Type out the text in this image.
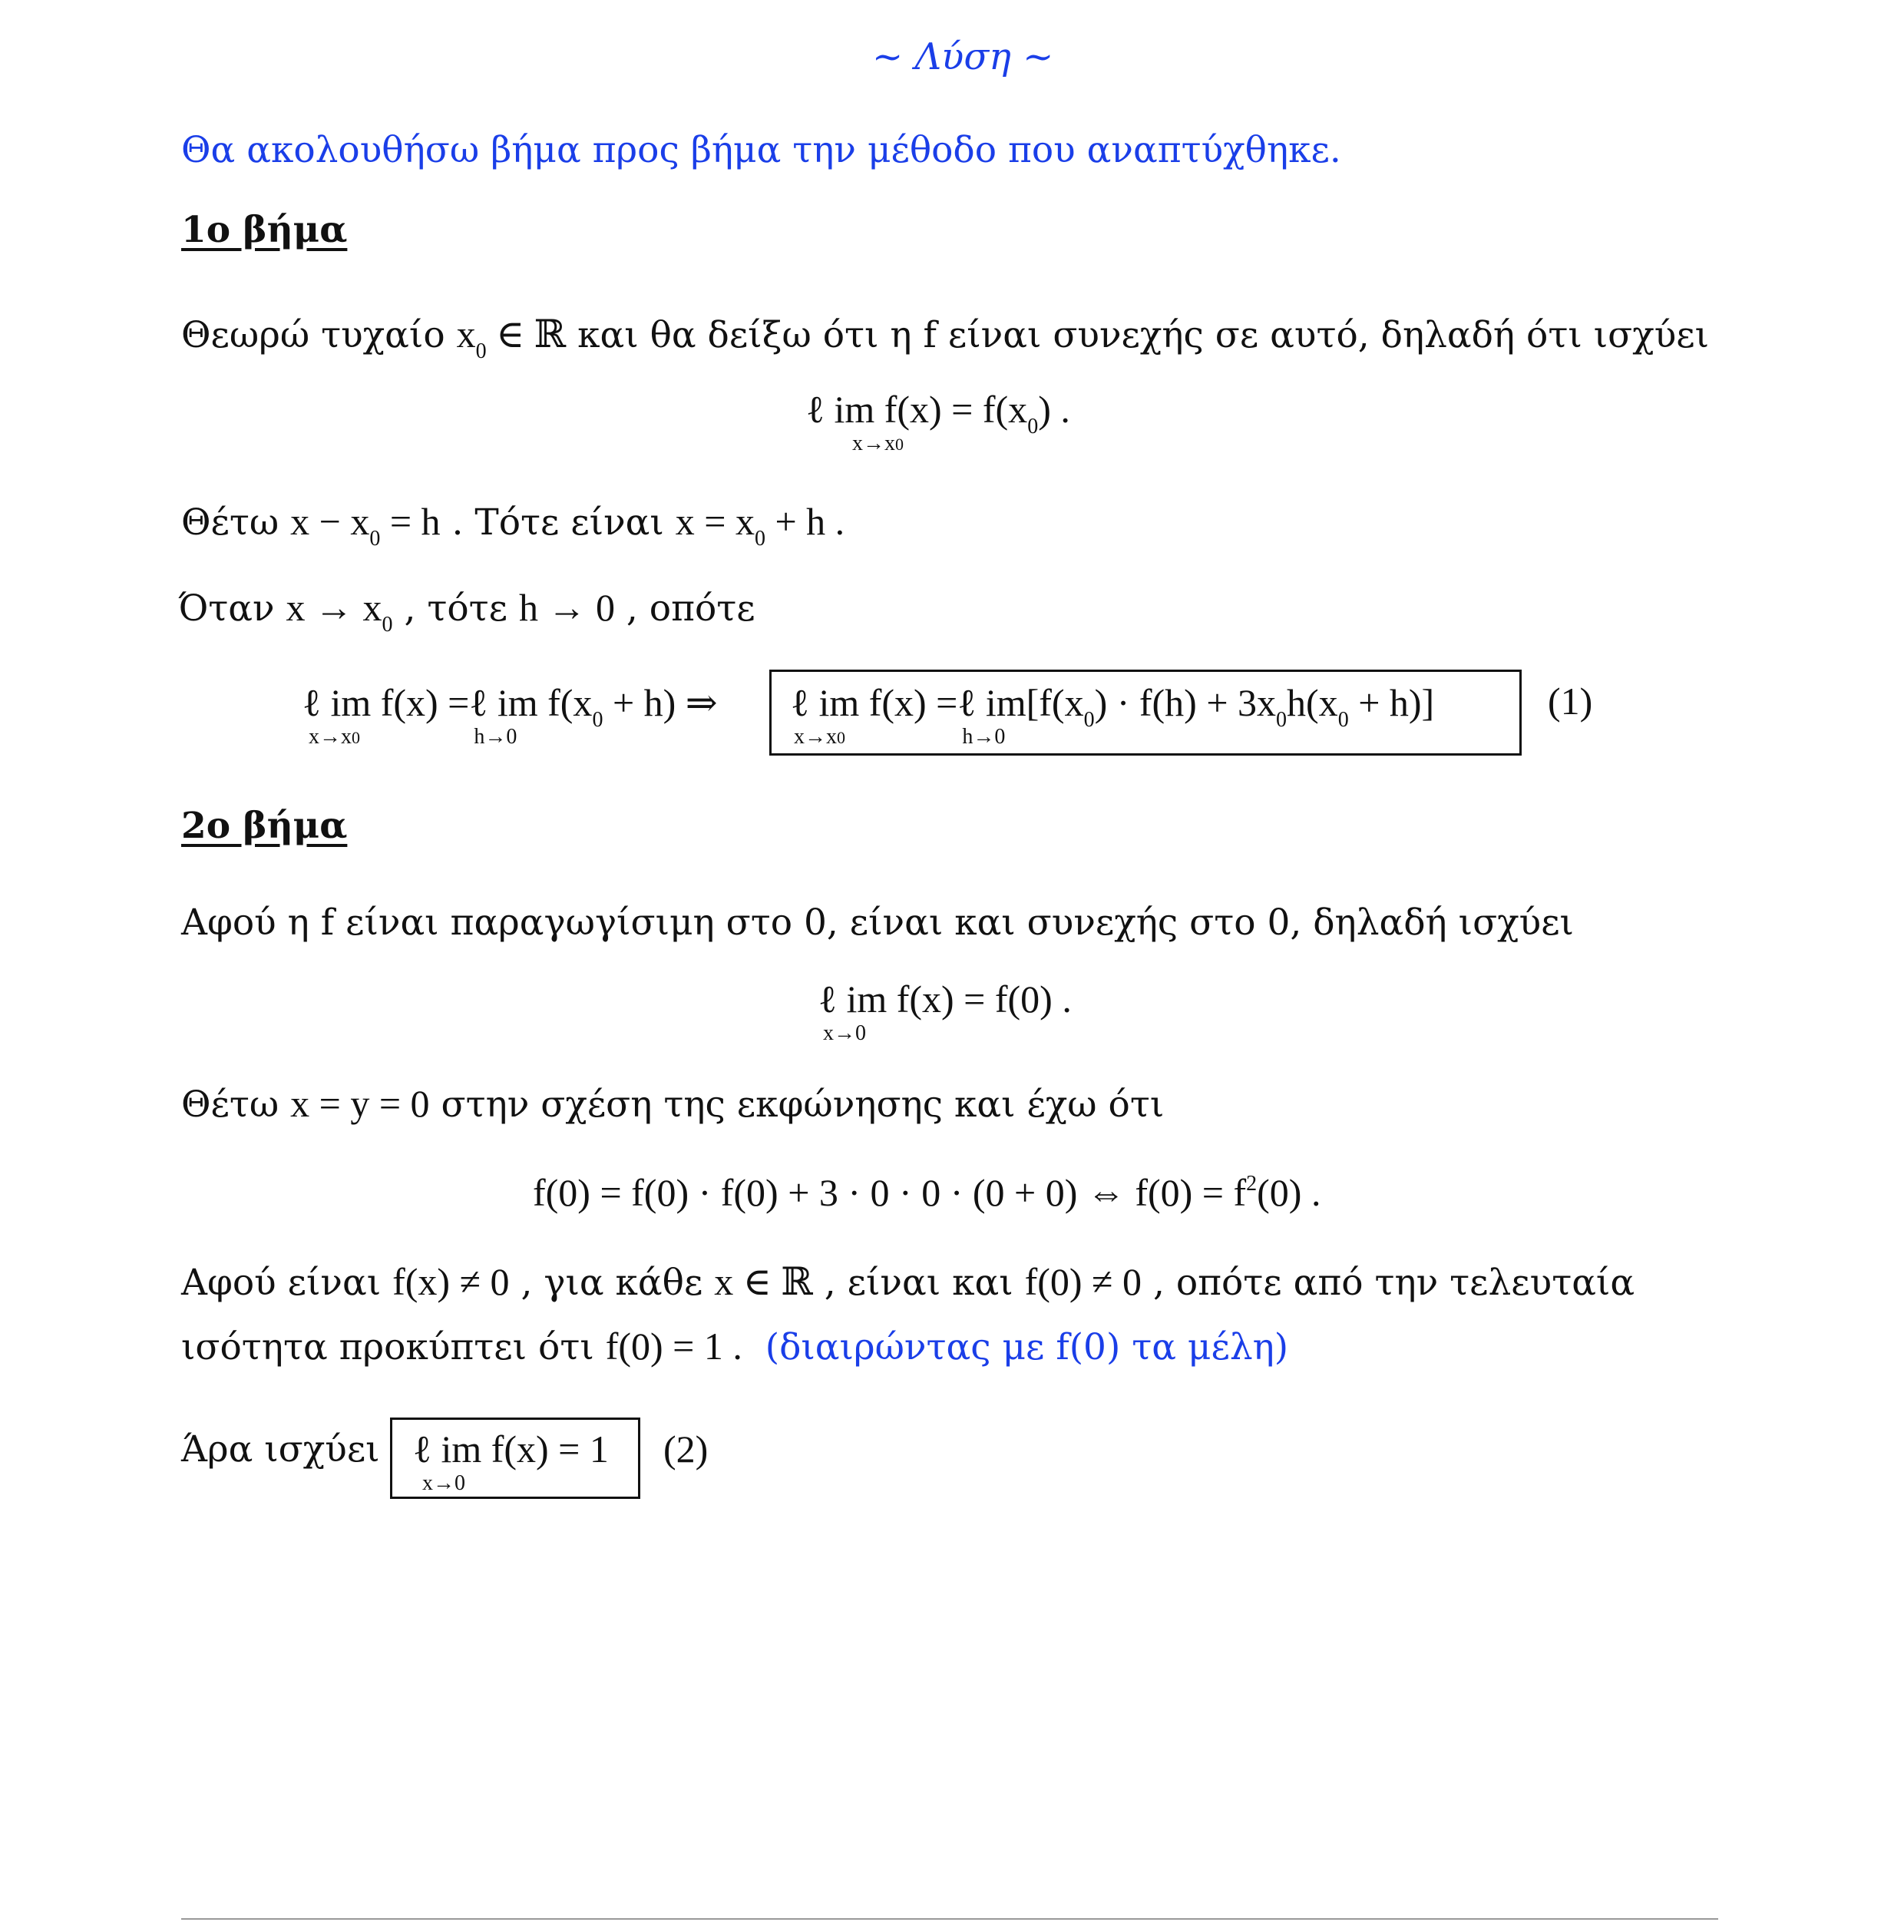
~ Λύση ~
Θα ακολουθήσω βήμα προς βήμα την μέθοδο που αναπτύχθηκε.
1ο βήμα
Θεωρώ τυχαίο $x_0$ ∈ ℝ και θα δείξω ότι η f είναι συνεχής σε αυτό, δηλαδή ότι ισχύει
ℓ im f(x) = f(x
x→x0
$_0$) .
Θέτω $x - x_0 = h$ . Τότε είναι $x = x_0 + h$ .
Όταν $x \to x_0$ , τότε h → 0 , οπότε
ℓ im f(x) =
x→x0
ℓ im f(x
h→0
$_0$ + h) ⇒ ℓ im f(x) =
x→x0
ℓ im
h→0
$[f(x_0) \cdot f(h) + 3x_0h(x_0 + h)]$	(1)
2ο βήμα
Αφού η f είναι παραγωγίσιμη στο 0, είναι και συνεχής στο 0, δηλαδή ισχύει
ℓ im f(x) = f(0) .
x→0
Θέτω x = y = 0 στην σχέση της εκφώνησης και έχω ότι
f(0) = f(0) · f(0) + 3 · 0 · 0 · (0 + 0) ⇔ $f(0) = f^2(0)$ .
Αφού είναι f(x) ≠ 0 , για κάθε x ∈ ℝ , είναι και f(0) ≠ 0 , οπότε από την τελευταία
ισότητα προκύπτει ότι f(0) = 1 . (διαιρώντας με f(0) τα μέλη)
Άρα ισχύει ℓ im f(x) = 1
x→0
(2)
